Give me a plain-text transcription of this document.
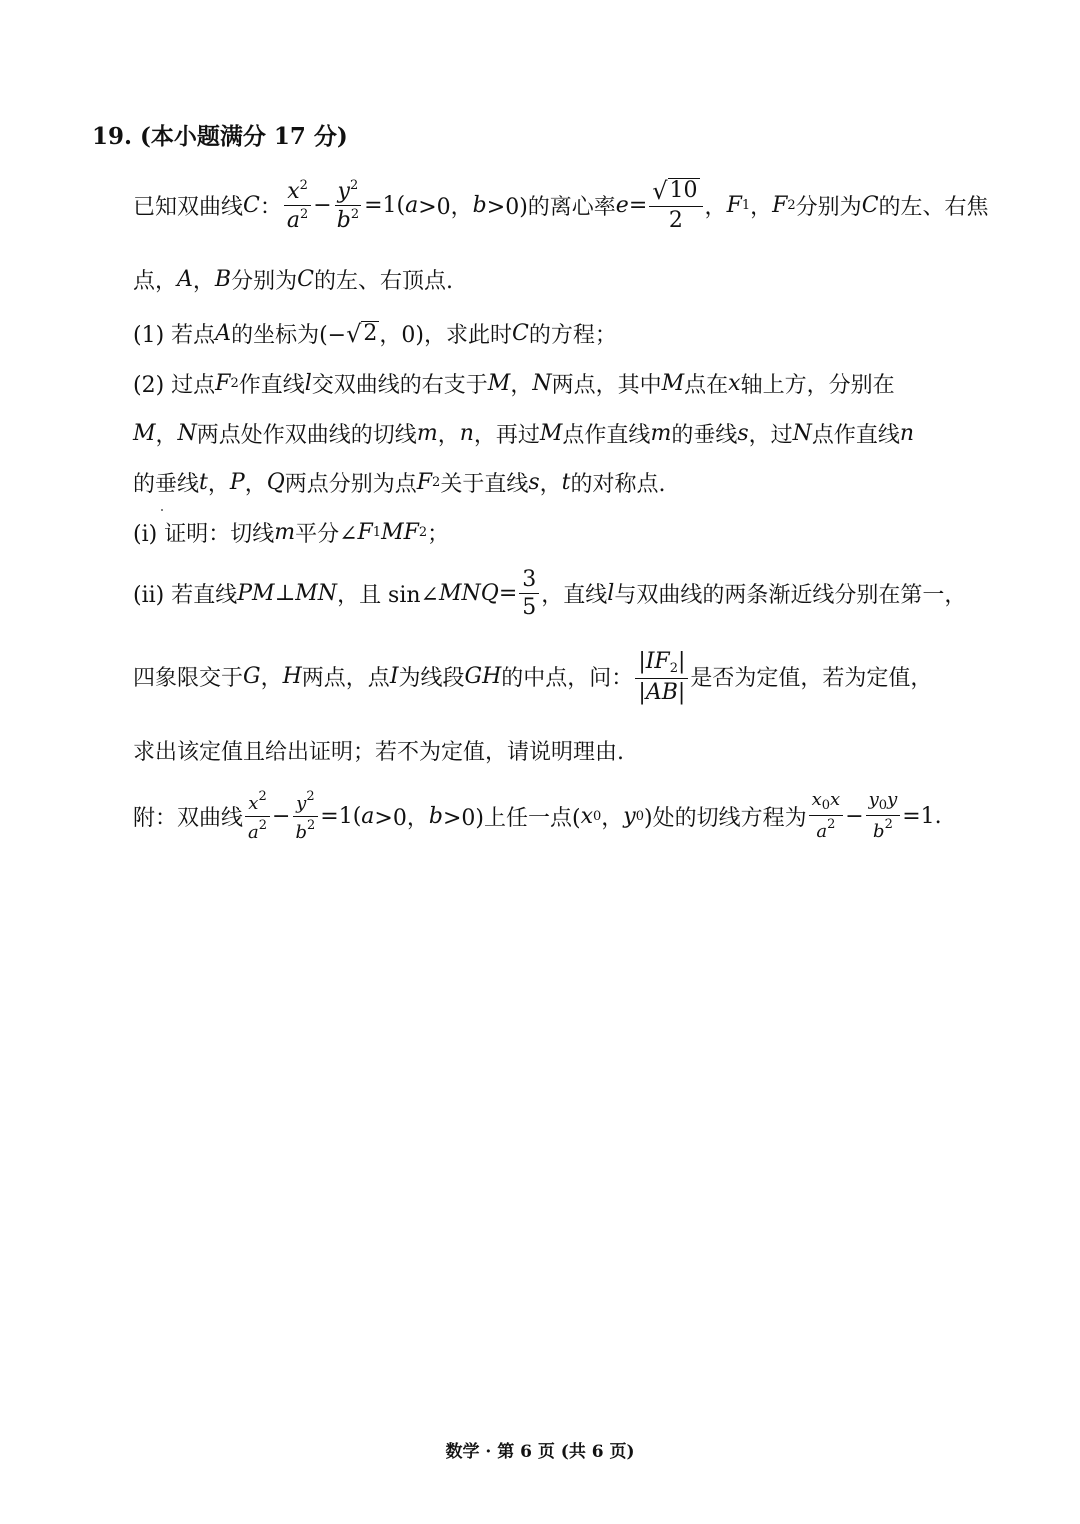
19. (本小题满分 17 分)
已知双曲线 C ： $\frac{x^2}{a^2} - \frac{y^2}{b^2} =1$( a >0， b >0)的离心率 $e = \frac{√ 10}{2}$ ， F 1 ， F 2 分别为 C 的左、右焦
点， A ， B 分别为 C 的左、右顶点.
(1) 若点 A 的坐标为(− √ 2 ，0)，求此时 C 的方程；
(2) 过点 F 2 作直线 l 交双曲线的右支于 M ， N 两点，其中 M 点在 x 轴上方，分别在
M ， N 两点处作双曲线的切线 m ， n ，再过 M 点作直线 m 的垂线 s ，过 N 点作直线 n
的垂线 t ， P ， Q 两点分别为点 F 2 关于直线 s ， t 的对称点.
(i) 证明：切线 m 平分∠ F 1 M F 2 ；
(ii) 若直线 PM ⊥ MN ，且 sin∠ MNQ = $\frac{3}{5}$ ，直线 l 与双曲线的两条渐近线分别在第一，
四象限交于 G ， H 两点，点 I 为线段 GH 的中点，问： $\frac{|IF_2|}{|AB|}$ 是否为定值，若为定值，
求出该定值且给出证明；若不为定值，请说明理由.
附：双曲线 $\frac{x^2}{a^2} - \frac{y^2}{b^2} =1$( a >0， b >0)上任一点( x 0 ， y 0 )处的切线方程为 $\frac{x_0x}{a^2} - \frac{y_0y}{b^2} =1$.
数学 · 第 6 页 (共 6 页)
